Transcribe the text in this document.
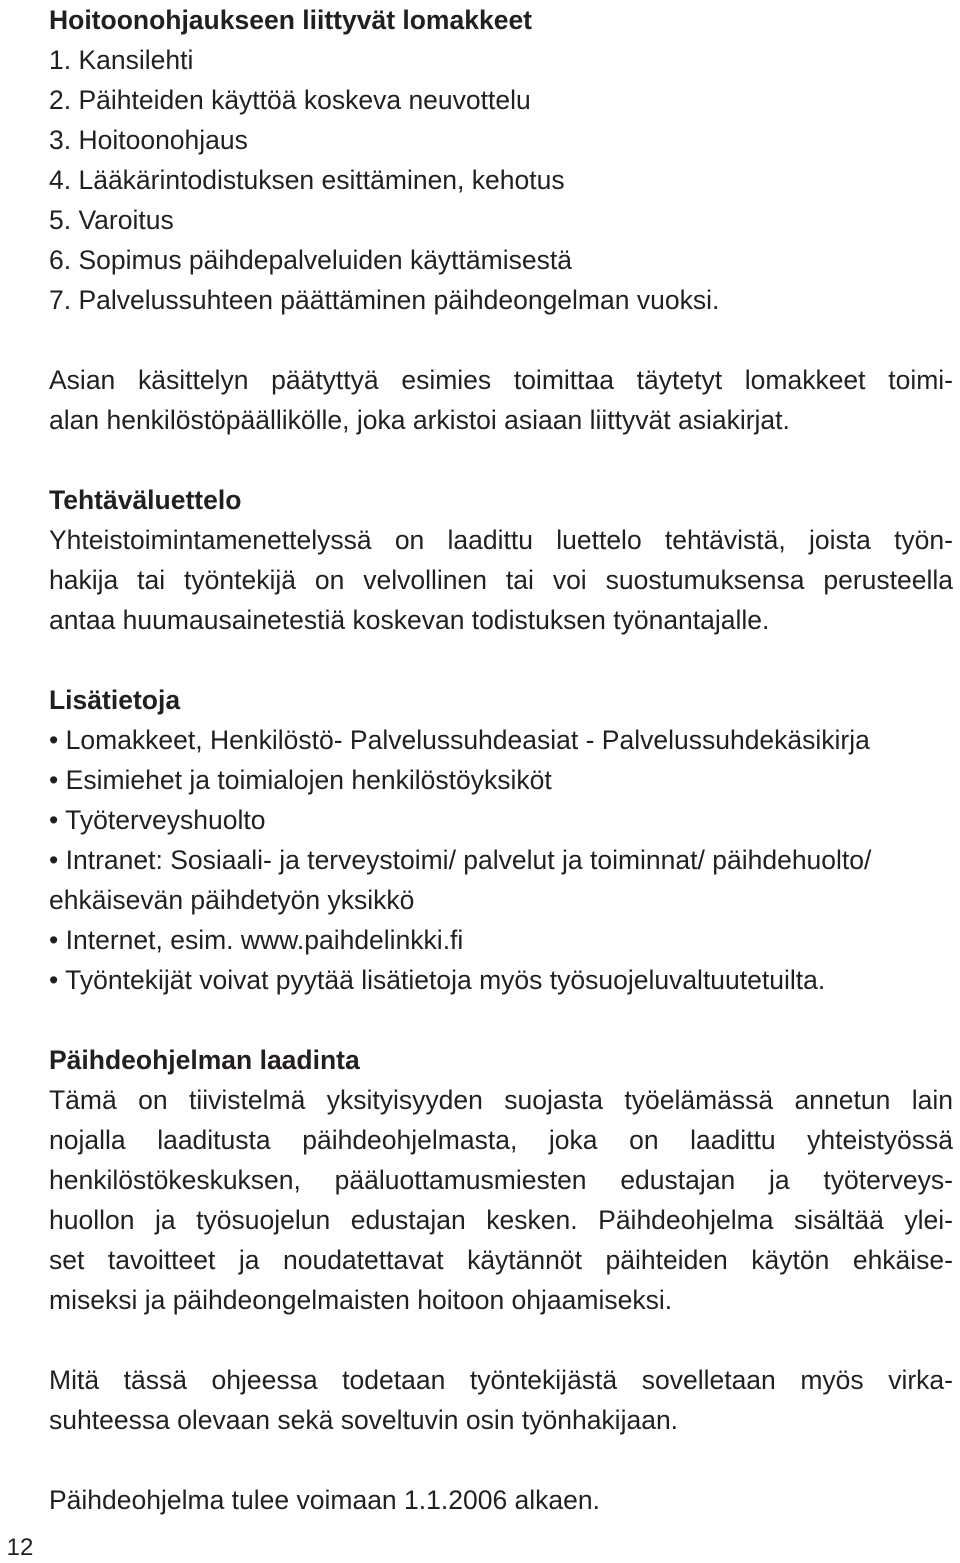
Hoitoonohjaukseen liittyvät lomakkeet
1. Kansilehti
2. Päihteiden käyttöä koskeva neuvottelu
3. Hoitoonohjaus
4. Lääkärintodistuksen esittäminen, kehotus
5. Varoitus
6. Sopimus päihdepalveluiden käyttämisestä
7. Palvelussuhteen päättäminen päihdeongelman vuoksi.
Asian käsittelyn päätyttyä esimies toimittaa täytetyt lomakkeet toimi-
alan henkilöstöpäällikölle, joka arkistoi asiaan liittyvät asiakirjat.
Tehtäväluettelo
Yhteistoimintamenettelyssä on laadittu luettelo tehtävistä, joista työn-
hakija tai työntekijä on velvollinen tai voi suostumuksensa perusteella
antaa huumausainetestiä koskevan todistuksen työnantajalle.
Lisätietoja
• Lomakkeet, Henkilöstö- Palvelussuhdeasiat - Palvelussuhdekäsikirja
• Esimiehet ja toimialojen henkilöstöyksiköt
• Työterveyshuolto
• Intranet: Sosiaali- ja terveystoimi/ palvelut ja toiminnat/ päihdehuolto/
ehkäisevän päihdetyön yksikkö
• Internet, esim. www.paihdelinkki.fi
• Työntekijät voivat pyytää lisätietoja myös työsuojeluvaltuutetuilta.
Päihdeohjelman laadinta
Tämä on tiivistelmä yksityisyyden suojasta työelämässä annetun lain
nojalla laaditusta päihdeohjelmasta, joka on laadittu yhteistyössä
henkilöstökeskuksen, pääluottamusmiesten edustajan ja työterveys-
huollon ja työsuojelun edustajan kesken. Päihdeohjelma sisältää ylei-
set tavoitteet ja noudatettavat käytännöt päihteiden käytön ehkäise-
miseksi ja päihdeongelmaisten hoitoon ohjaamiseksi.
Mitä tässä ohjeessa todetaan työntekijästä sovelletaan myös virka-
suhteessa olevaan sekä soveltuvin osin työnhakijaan.
Päihdeohjelma tulee voimaan 1.1.2006 alkaen.
12
